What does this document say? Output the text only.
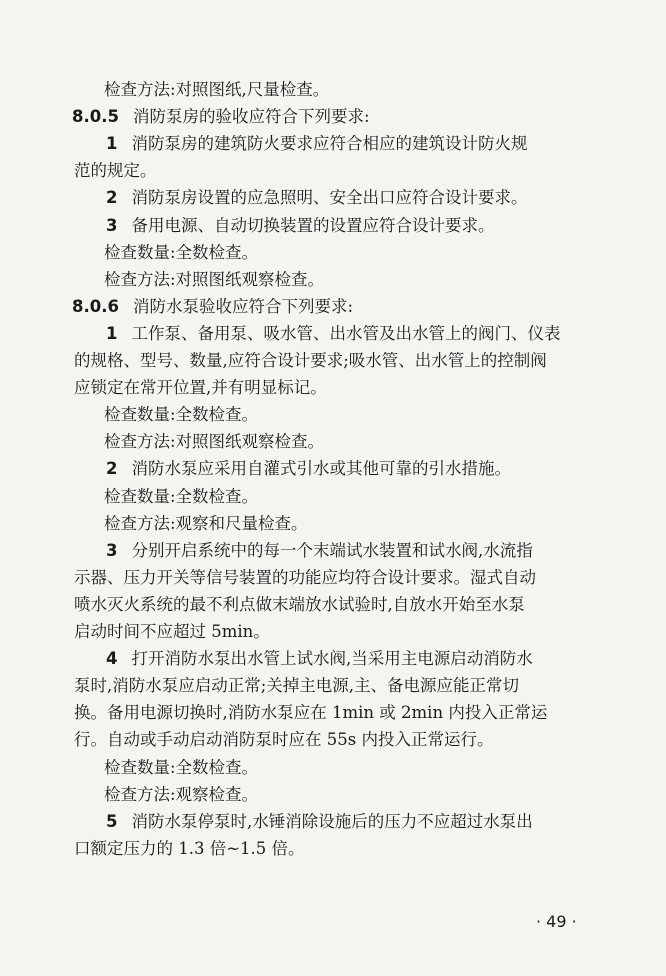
检查方法:对照图纸,尺量检查。
8.0.5 消防泵房的验收应符合下列要求:
1 消防泵房的建筑防火要求应符合相应的建筑设计防火规
范的规定。
2 消防泵房设置的应急照明、安全出口应符合设计要求。
3 备用电源、自动切换装置的设置应符合设计要求。
检查数量:全数检查。
检查方法:对照图纸观察检查。
8.0.6 消防水泵验收应符合下列要求:
1 工作泵、备用泵、吸水管、出水管及出水管上的阀门、仪表
的规格、型号、数量,应符合设计要求;吸水管、出水管上的控制阀
应锁定在常开位置,并有明显标记。
检查数量:全数检查。
检查方法:对照图纸观察检查。
2 消防水泵应采用自灌式引水或其他可靠的引水措施。
检查数量:全数检查。
检查方法:观察和尺量检查。
3 分别开启系统中的每一个末端试水装置和试水阀,水流指
示器、压力开关等信号装置的功能应均符合设计要求。湿式自动
喷水灭火系统的最不利点做末端放水试验时,自放水开始至水泵
启动时间不应超过 5min。
4 打开消防水泵出水管上试水阀,当采用主电源启动消防水
泵时,消防水泵应启动正常;关掉主电源,主、备电源应能正常切
换。备用电源切换时,消防水泵应在 1min 或 2min 内投入正常运
行。自动或手动启动消防泵时应在 55s 内投入正常运行。
检查数量:全数检查。
检查方法:观察检查。
5 消防水泵停泵时,水锤消除设施后的压力不应超过水泵出
口额定压力的 1.3 倍~1.5 倍。
· 49 ·
